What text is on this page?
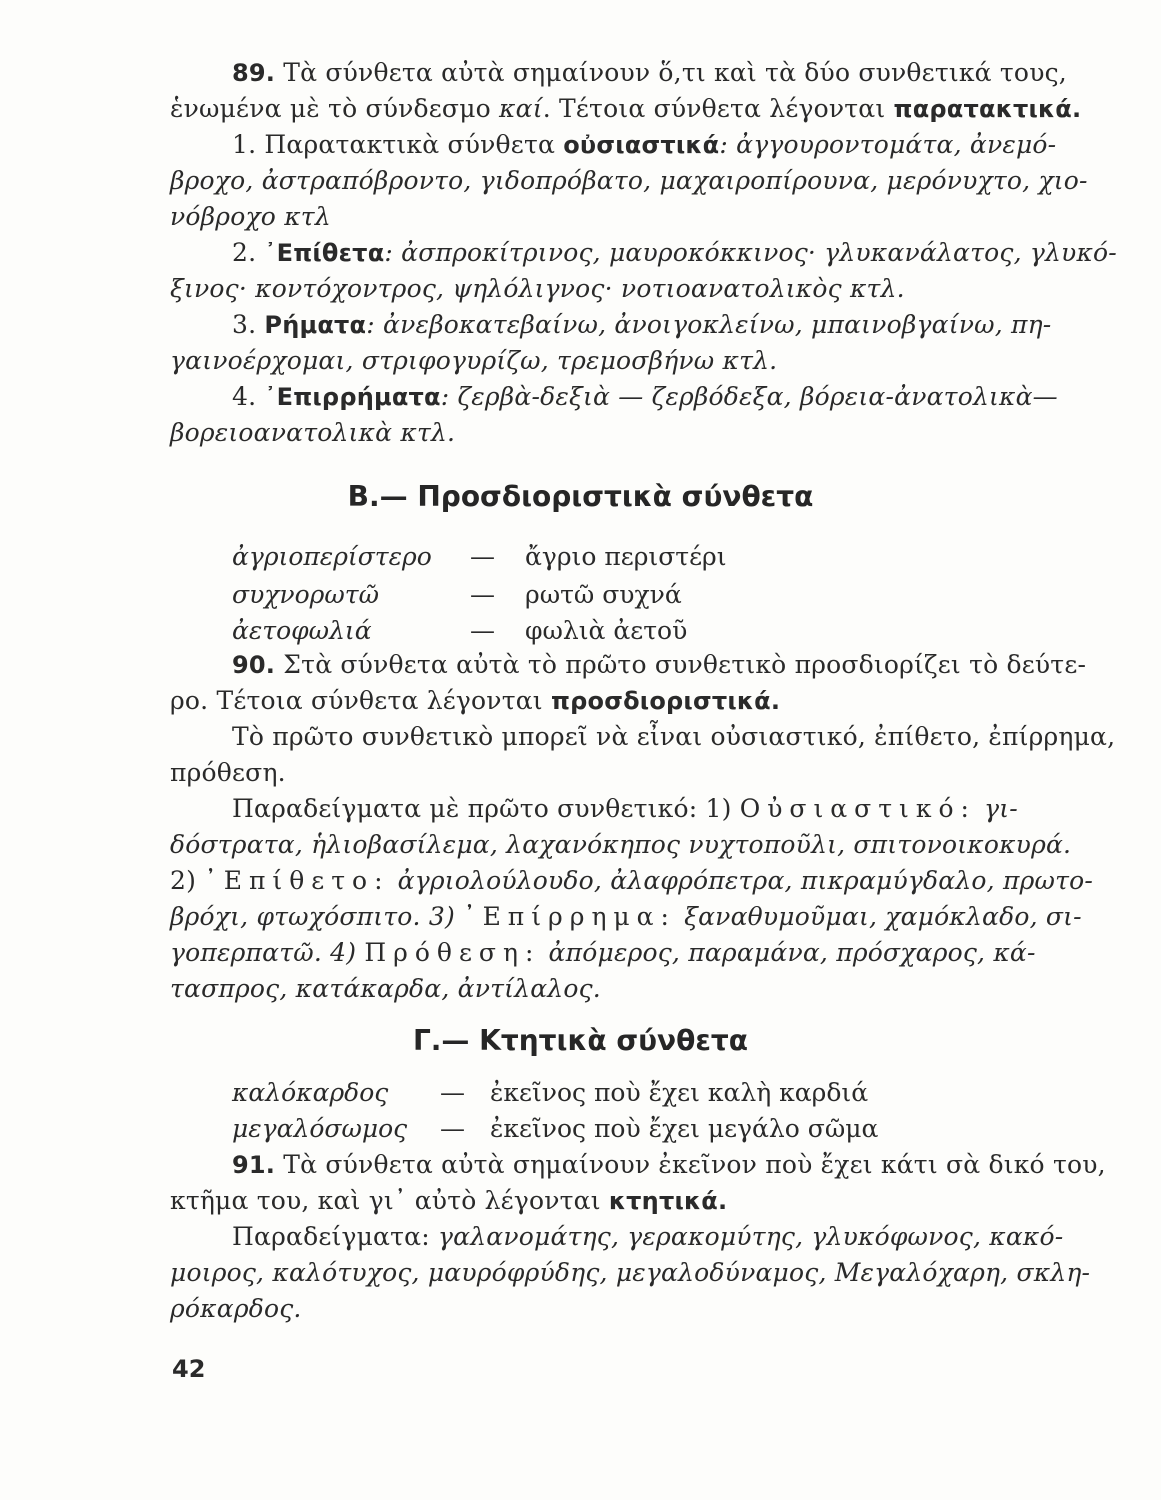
89. Τὰ σύνθετα αὐτὰ σημαίνουν ὅ,τι καὶ τὰ δύο συνθετικά τους,
ἑνωμένα μὲ τὸ σύνδεσμο καί. Τέτοια σύνθετα λέγονται παρατακτικά.
1. Παρατακτικὰ σύνθετα οὐσιαστικά: ἀγγουροντομάτα, ἀνεμό-
βροχο, ἀστραπόβροντο, γιδοπρόβατο, μαχαιροπίρουνα, μερόνυχτο, χιο-
νόβροχο κτλ
2. ᾿Επίθετα: ἀσπροκίτρινος, μαυροκόκκινος· γλυκανάλατος, γλυκό-
ξινος· κοντόχοντρος, ψηλόλιγνος· νοτιοανατολικὸς κτλ.
3. Ρήματα: ἀνεβοκατεβαίνω, ἀνοιγοκλείνω, μπαινοβγαίνω, πη-
γαινοέρχομαι, στριφογυρίζω, τρεμοσβήνω κτλ.
4. ᾿Επιρρήματα: ζερβὰ-δεξιὰ — ζερβόδεξα, βόρεια-ἀνατολικὰ—
βορειοανατολικὰ κτλ.
Β.— Προσδιοριστικὰ σύνθετα
ἀγριοπερίστερο — ἄγριο περιστέρι
συχνορωτῶ	— ρωτῶ συχνά
ἀετοφωλιά	— φωλιὰ ἀετοῦ
90. Στὰ σύνθετα αὐτὰ τὸ πρῶτο συνθετικὸ προσδιορίζει τὸ δεύτε-
ρο. Τέτοια σύνθετα λέγονται προσδιοριστικά.
Τὸ πρῶτο συνθετικὸ μπορεῖ νὰ εἶναι οὐσιαστικό, ἐπίθετο, ἐπίρρημα,
πρόθεση.
Παραδείγματα μὲ πρῶτο συνθετικό: 1) Οὐσιαστικό: γι-
δόστρατα, ἡλιοβασίλεμα, λαχανόκηπος νυχτοποῦλι, σπιτονοικοκυρά.
2) ᾿Επίθετο: ἀγριολούλουδο, ἀλαφρόπετρα, πικραμύγδαλο, πρωτο-
βρόχι, φτωχόσπιτο. 3) ᾿Επίρρημα: ξαναθυμοῦμαι, χαμόκλαδο, σι-
γοπερπατῶ. 4) Πρόθεση: ἀπόμερος, παραμάνα, πρόσχαρος, κά-
τασπρος, κατάκαρδα, ἀντίλαλος.
Γ.— Κτητικὰ σύνθετα
καλόκαρδος — ἐκεῖνος ποὺ ἔχει καλὴ καρδιά
μεγαλόσωμος — ἐκεῖνος ποὺ ἔχει μεγάλο σῶμα
91. Τὰ σύνθετα αὐτὰ σημαίνουν ἐκεῖνον ποὺ ἔχει κάτι σὰ δικό του,
κτῆμα του, καὶ γι᾿ αὐτὸ λέγονται κτητικά.
Παραδείγματα: γαλανομάτης, γερακομύτης, γλυκόφωνος, κακό-
μοιρος, καλότυχος, μαυρόφρύδης, μεγαλοδύναμος, Μεγαλόχαρη, σκλη-
ρόκαρδος.
42
